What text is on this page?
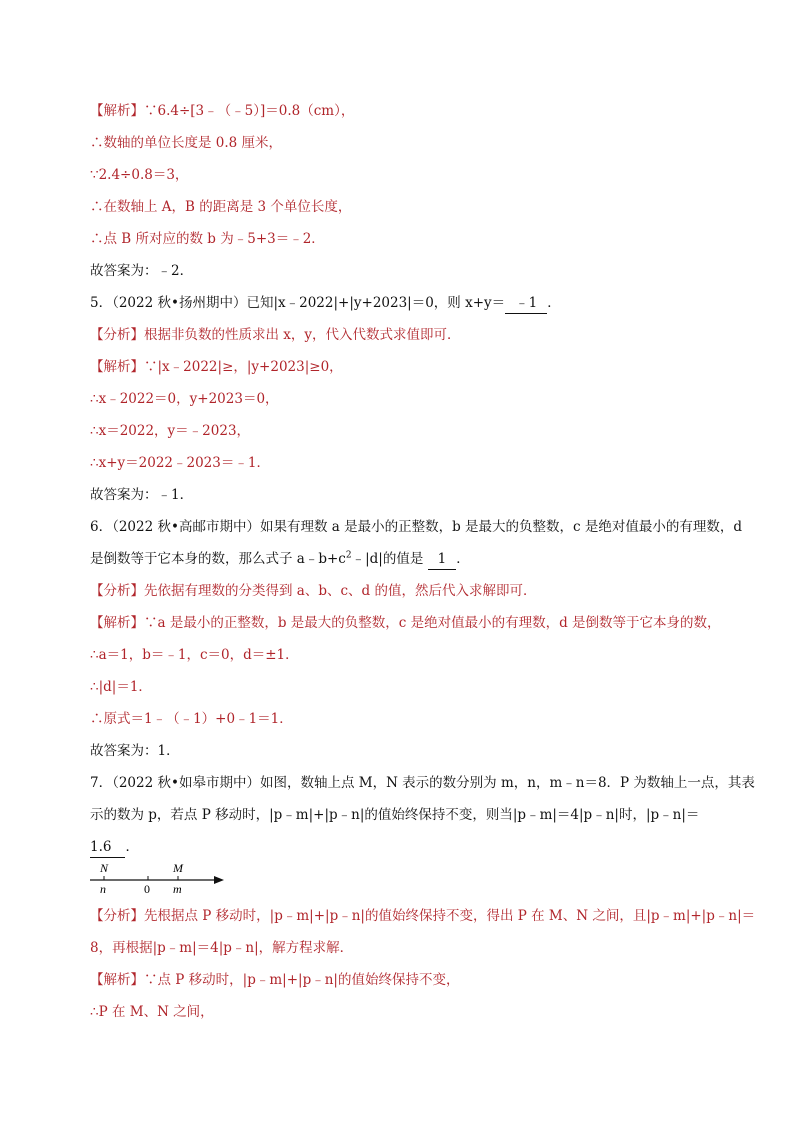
【解析】∵6.4÷[3﹣（﹣5）]＝0.8（cm），
∴数轴的单位长度是 0.8 厘米，
∵2.4÷0.8＝3，
∴在数轴上 A，B 的距离是 3 个单位长度，
∴点 B 所对应的数 b 为﹣5+3＝﹣2．
故答案为：﹣2．
5．（2022 秋•扬州期中）已知|x﹣2022|+|y+2023|＝0，则 x+y＝ ﹣1 ．
【分析】根据非负数的性质求出 x，y，代入代数式求值即可．
【解析】∵|x﹣2022|≥，|y+2023|≥0，
∴x﹣2022＝0，y+2023＝0，
∴x＝2022，y＝﹣2023，
∴x+y＝2022﹣2023＝﹣1．
故答案为：﹣1．
6．（2022 秋•高邮市期中）如果有理数 a 是最小的正整数，b 是最大的负整数，c 是绝对值最小的有理数，d
是倒数等于它本身的数，那么式子 $a﹣b+c^2﹣|d|$的值是 1 ．
【分析】先依据有理数的分类得到 a、b、c、d 的值，然后代入求解即可．
【解析】∵a 是最小的正整数，b 是最大的负整数，c 是绝对值最小的有理数，d 是倒数等于它本身的数，
∴a＝1，b＝﹣1，c＝0，d＝±1．
∴|d|＝1．
∴原式＝1﹣（﹣1）+0﹣1＝1．
故答案为：1．
7．（2022 秋•如皋市期中）如图，数轴上点 M，N 表示的数分别为 m，n，m﹣n＝8．P 为数轴上一点，其表
示的数为 p，若点 P 移动时，|p﹣m|+|p﹣n|的值始终保持不变，则当|p﹣m|＝4|p﹣n|时，|p﹣n|＝
1.6 ．
N	M
n	0 m
【分析】先根据点 P 移动时，|p﹣m|+|p﹣n|的值始终保持不变，得出 P 在 M、N 之间，且|p﹣m|+|p﹣n|＝
8，再根据|p﹣m|＝4|p﹣n|，解方程求解．
【解析】∵点 P 移动时，|p﹣m|+|p﹣n|的值始终保持不变，
∴P 在 M、N 之间，
